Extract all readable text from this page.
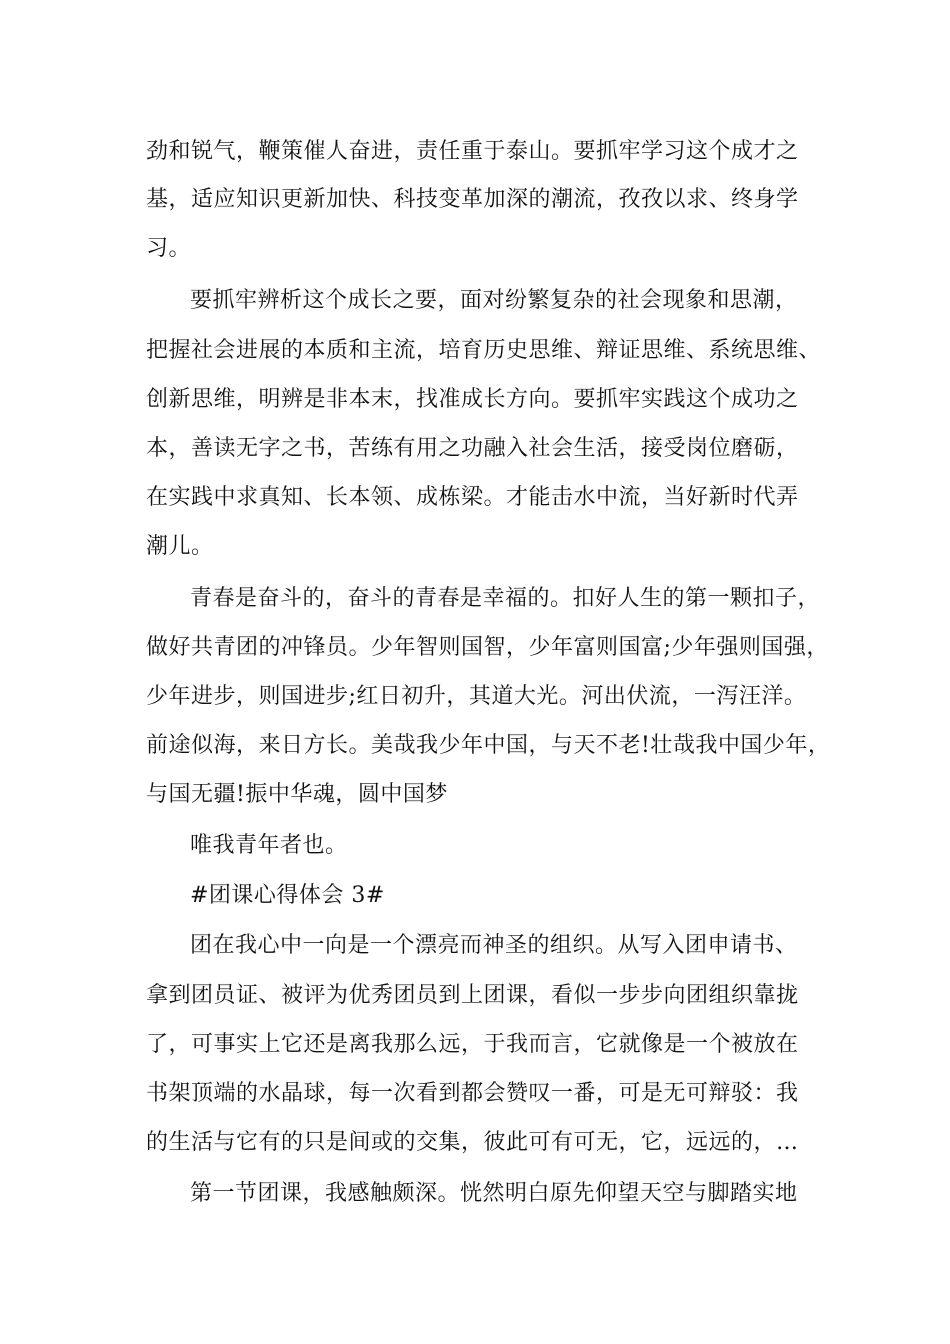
劲和锐气，鞭策催人奋进，责任重于泰山。要抓牢学习这个成才之
基，适应知识更新加快、科技变革加深的潮流，孜孜以求、终身学
习。
要抓牢辨析这个成长之要，面对纷繁复杂的社会现象和思潮，
把握社会进展的本质和主流，培育历史思维、辩证思维、系统思维、
创新思维，明辨是非本末，找准成长方向。要抓牢实践这个成功之
本，善读无字之书，苦练有用之功融入社会生活，接受岗位磨砺，
在实践中求真知、长本领、成栋梁。才能击水中流，当好新时代弄
潮儿。
青春是奋斗的，奋斗的青春是幸福的。扣好人生的第一颗扣子，
做好共青团的冲锋员。少年智则国智，少年富则国富;少年强则国强，
少年进步，则国进步;红日初升，其道大光。河出伏流，一泻汪洋。
前途似海，来日方长。美哉我少年中国，与天不老!壮哉我中国少年，
与国无疆!振中华魂，圆中国梦
唯我青年者也。
#团课心得体会 3#
团在我心中一向是一个漂亮而神圣的组织。从写入团申请书、
拿到团员证、被评为优秀团员到上团课，看似一步步向团组织靠拢
了，可事实上它还是离我那么远，于我而言，它就像是一个被放在
书架顶端的水晶球，每一次看到都会赞叹一番，可是无可辩驳：我
的生活与它有的只是间或的交集，彼此可有可无，它，远远的，…
第一节团课，我感触颇深。恍然明白原先仰望天空与脚踏实地
